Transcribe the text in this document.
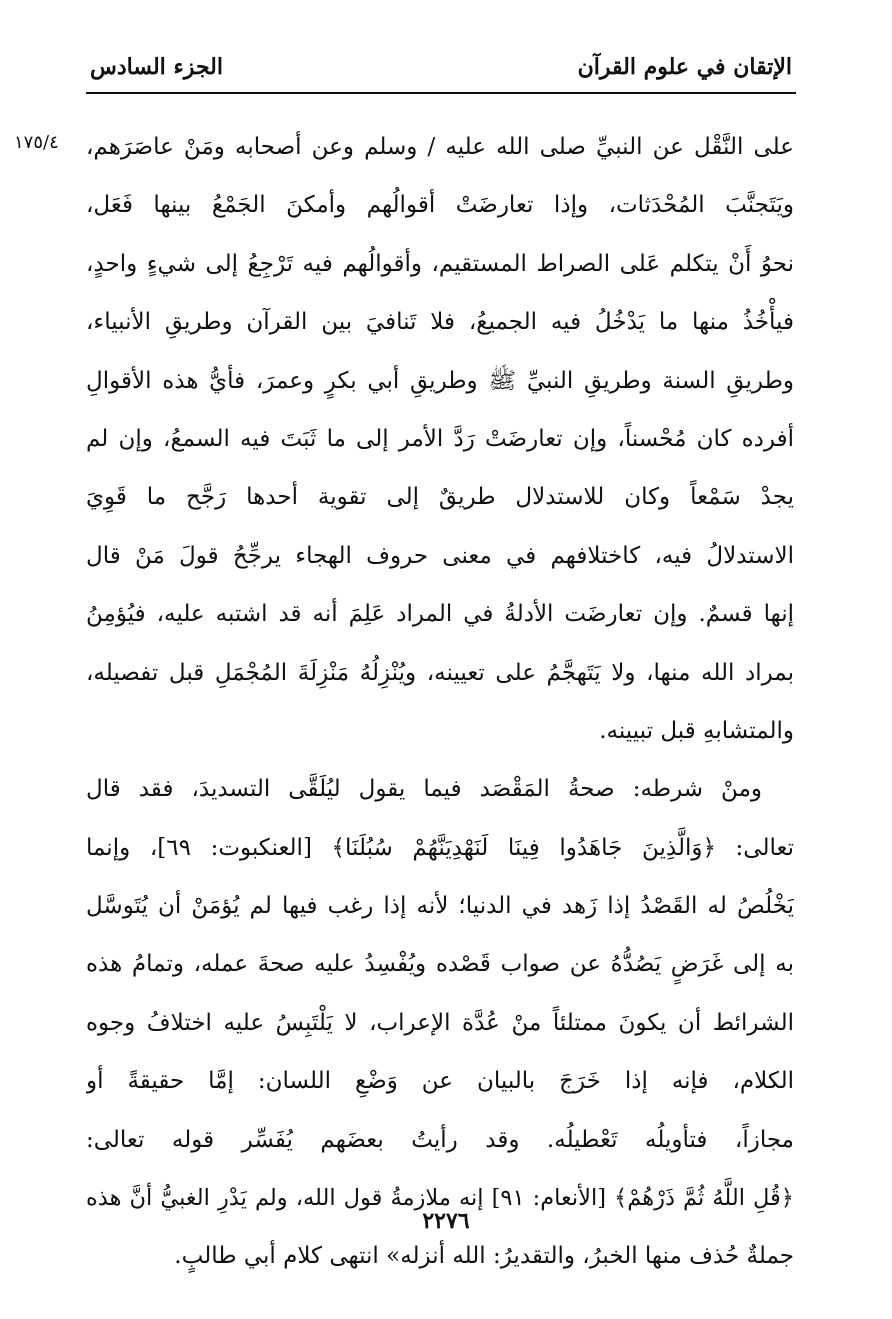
الإتقان في علوم القرآن
الجزء السادس
١٧٥/٤ على النَّقْل عن النبيِّ صلى الله عليه / وسلم وعن أصحابه ومَنْ عاصَرَهم،
ويَتَجنَّبَ المُحْدَثات، وإذا تعارضَتْ أقوالُهم وأمكنَ الجَمْعُ بينها فَعَل،
نحوُ أَنْ يتكلم عَلى الصراط المستقيم، وأقوالُهم فيه تَرْجِعُ إلى شيءٍ واحدٍ،
فيأْخُذُ منها ما يَدْخُلُ فيه الجميعُ، فلا تَنافيَ بين القرآن وطريقِ الأنبياء،
وطريقِ السنة وطريقِ النبيِّ ﷺ وطريقِ أبي بكرٍ وعمرَ، فأيُّ هذه الأقوالِ
أفرده كان مُحْسناً، وإن تعارضَتْ رَدَّ الأمر إلى ما ثَبَتَ فيه السمعُ، وإن لم
يجدْ سَمْعاً وكان للاستدلال طريقٌ إلى تقوية أحدها رَجَّح ما قَوِيَ
الاستدلالُ فيه، كاختلافهم في معنى حروف الهجاء يرجِّحُ قولَ مَنْ قال
إنها قسمٌ. وإن تعارضَت الأدلةُ في المراد عَلِمَ أنه قد اشتبه عليه، فيُؤمِنُ
بمراد الله منها، ولا يَتَهجَّمُ على تعيينه، ويُنْزِلُهُ مَنْزِلَةَ المُجْمَلِ قبل تفصيله،
والمتشابهِ قبل تبيينه.
ومنْ شرطه: صحةُ المَقْصَد فيما يقول ليُلَقَّى التسديدَ، فقد قال
تعالى: ﴿وَالَّذِينَ جَاهَدُوا فِينَا لَنَهْدِيَنَّهُمْ سُبُلَنَا﴾ [العنكبوت: ٦٩]، وإنما
يَخْلُصُ له القَصْدُ إذا زَهد في الدنيا؛ لأنه إذا رغب فيها لم يُؤمَنْ أن يُتَوسَّل
به إلى غَرَضٍ يَصُدُّهُ عن صواب قَصْده ويُفْسِدُ عليه صحةَ عمله، وتمامُ هذه
الشرائط أن يكونَ ممتلئاً منْ عُدَّة الإعراب، لا يَلْتَبِسُ عليه اختلافُ وجوه
الكلام، فإنه إذا خَرَجَ بالبيان عن وَضْعِ اللسان: إمَّا حقيقةً أو
مجازاً، فتأويلُه تَعْطيلُه. وقد رأيتُ بعضَهم يُفَسِّر قوله تعالى:
﴿قُلِ اللَّهُ ثُمَّ ذَرْهُمْ﴾ [الأنعام: ٩١] إنه ملازمةُ قول الله، ولم يَدْرِ الغبيُّ أنَّ هذه
جملةٌ حُذف منها الخبرُ، والتقديرُ: الله أنزله» انتهى كلام أبي طالبٍ.
٢٢٧٦
